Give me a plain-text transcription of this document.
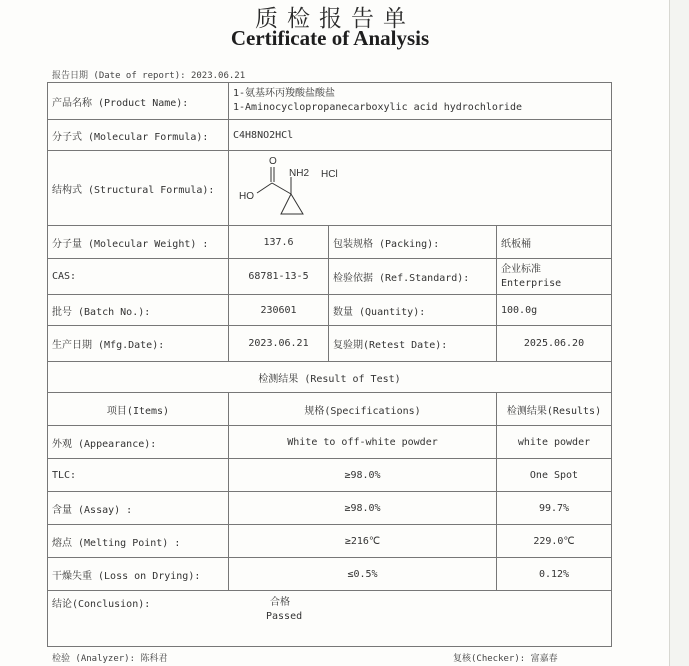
质检报告单
Certificate of Analysis
报告日期 (Date of report): 2023.06.21
产品名称 (Product Name):	1-氨基环丙羧酸盐酸盐
1-Aminocyclopropanecarboxylic acid hydrochloride		

分子式 (Molecular Formula):	C4H8NO2HCl		
结构式 (Structural Formula):	O
HO
NH2 HCl		

分子量 (Molecular Weight) :	137.6	包装规格 (Packing):	纸板桶
CAS:	68781-13-5	检验依据 (Ref.Standard):	企业标准
Enterprise

批号 (Batch No.):	230601	数量 (Quantity):	100.0g
生产日期 (Mfg.Date):	2023.06.21	复验期(Retest Date):	2025.06.20
检测结果 (Result of Test)			
项目(Items)	规格(Specifications)		检测结果(Results)
外观 (Appearance):	White to off-white powder		white powder
TLC:	≥98.0%		One Spot
含量 (Assay) :	≥98.0%		99.7%
熔点 (Melting Point) :	≥216℃		229.0℃
干燥失重 (Loss on Drying):	≤0.5%		0.12%

结论(Conclusion): 合格
Passed			
检验 (Analyzer): 陈科君	复核(Checker): 富嘉春
